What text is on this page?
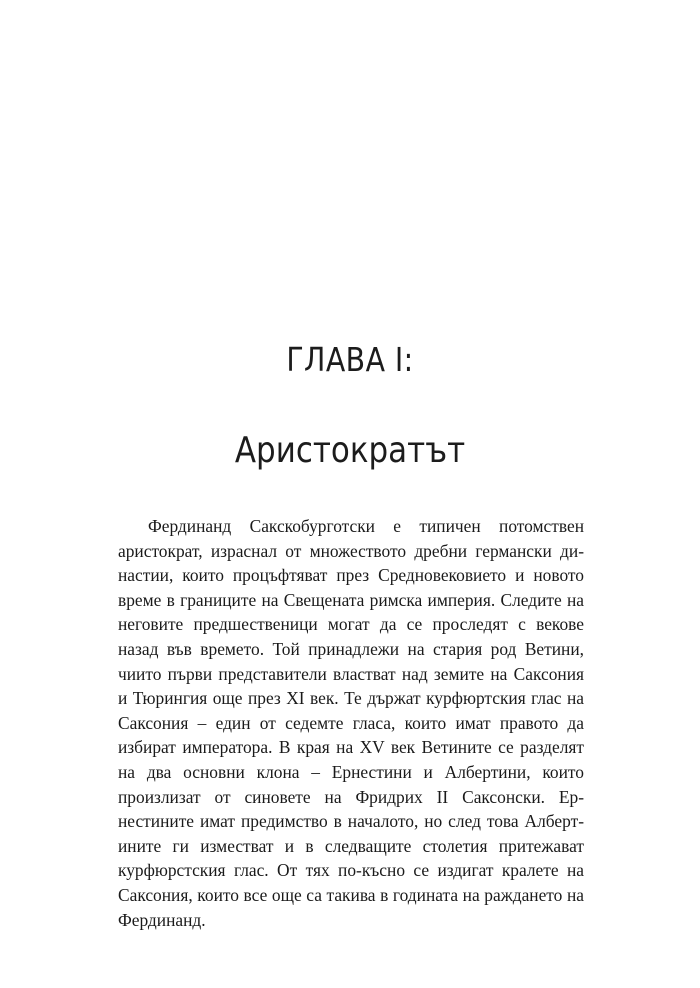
ГЛАВА I:
Аристократът

Фердинанд Сакскобурготски е типичен потомствен аристократ, израснал от множеството дребни германски династии, които процъфтяват през Средновековието и новото време в границите на Свещената римска империя. Следите на неговите предшественици могат да се проследят с векове назад във времето. Той принадлежи на стария род Ветини, чиито първи представители властват над земите на Саксония и Тюрингия още през XI век. Те държат курфюртския глас на Саксония – един от седемте гласа, които имат правото да избират императора. В края на XV век Ветините се разделят на два основни клона – Ернестини и Албертини, които произлизат от синовете на Фридрих II Саксонски. Ернестините имат предимство в началото, но след това Албертините ги изместват и в следващите столетия притежават курфюрстския глас. От тях по-късно се издигат кралете на Саксония, които все още са такива в годината на раждането на Фердинанд.
